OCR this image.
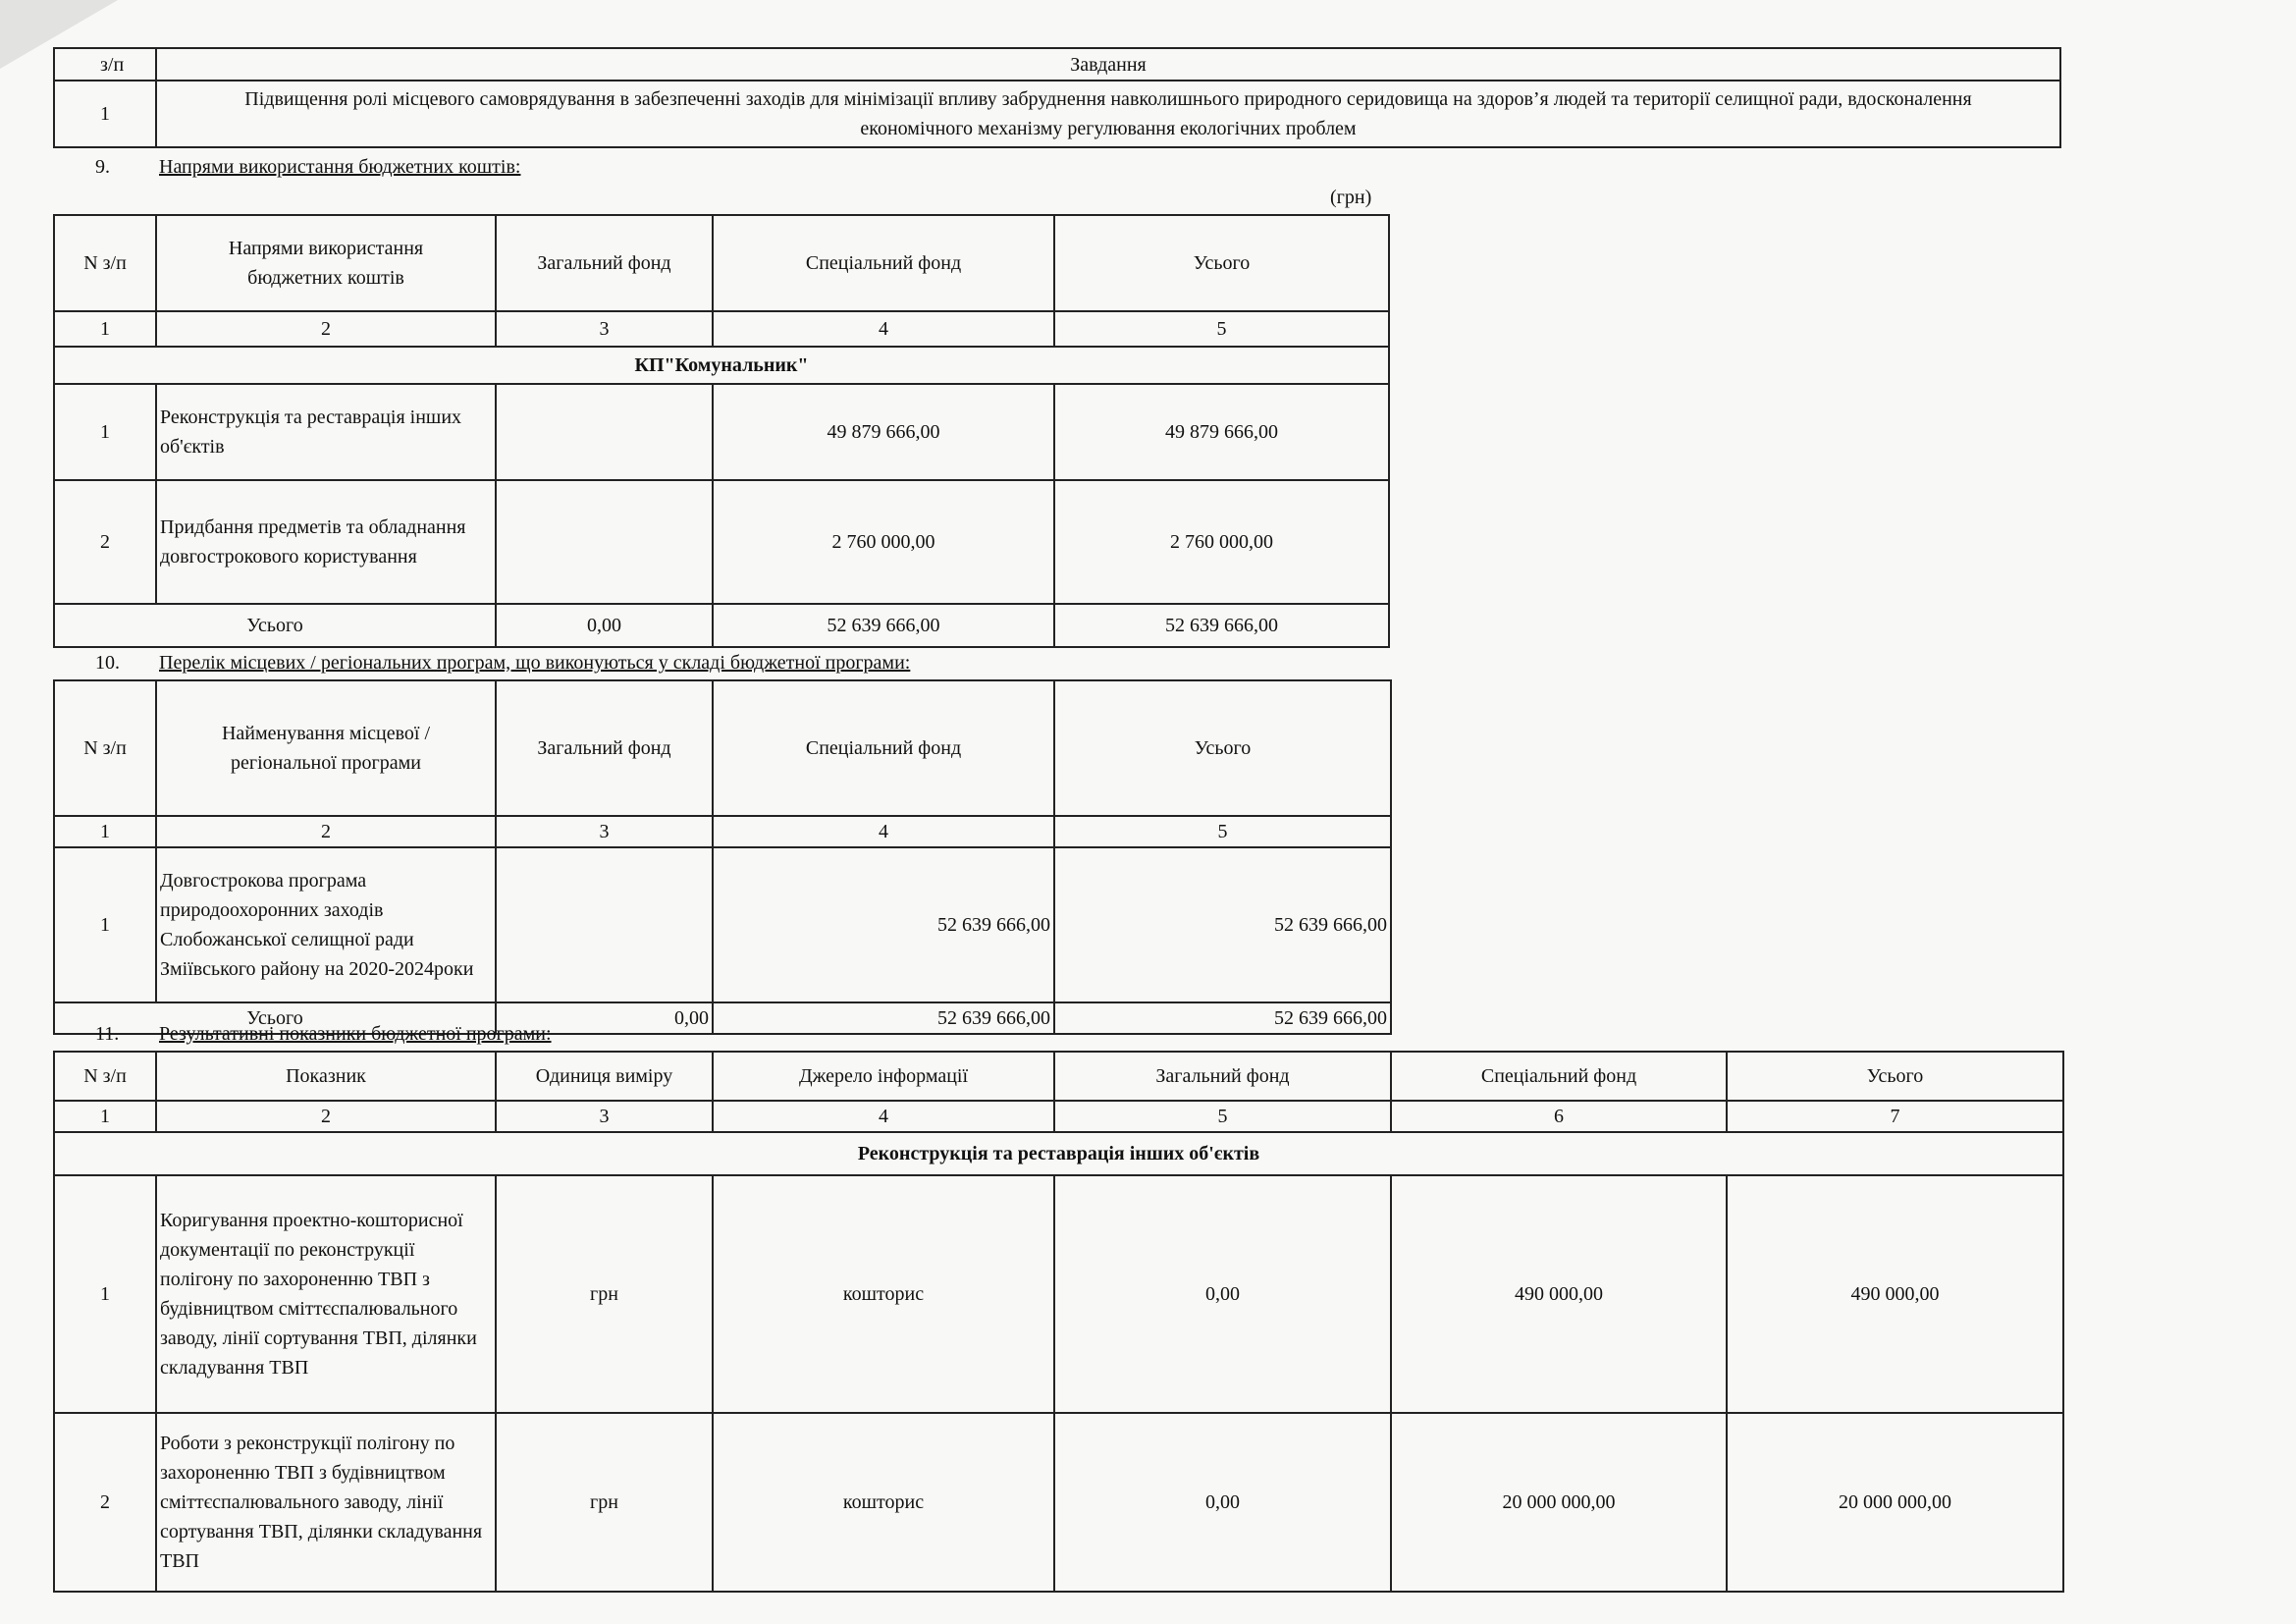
з/п	Завдання
1	Підвищення ролі місцевого самоврядування в забезпеченні заходів для мінімізації впливу забруднення навколишнього природного серидовища на здоров’я людей та території селищної ради, вдосконалення економічного механізму регулювання екологічних проблем
9.	Напрями використання бюджетних коштів:
(грн)
N з/п	Напрями використання бюджетних коштів	Загальний фонд	Спеціальний фонд	Усього
1	2	3	4	5
КП"Комунальник"				
1	Реконструкція та реставрація інших об'єктів		49 879 666,00	49 879 666,00
2	Придбання предметів та обладнання довгострокового користування		2 760 000,00	2 760 000,00
Усього		0,00	52 639 666,00	52 639 666,00
10. Перелік місцевих / регіональних програм, що виконуються у складі бюджетної програми:
N з/п	Найменування місцевої / регіональної програми	Загальний фонд	Спеціальний фонд	Усього
1	2	3	4	5
1	Довгострокова програма природоохоронних заходів Слобожанської селищної ради Зміївського району на 2020-2024роки		52 639 666,00	52 639 666,00
Усього		0,00	52 639 666,00	52 639 666,00
11. Результативні показники бюджетної програми:
N з/п	Показник	Одиниця виміру	Джерело інформації	Загальний фонд	Спеціальний фонд	Усього
1	2	3	4	5	6	7
Реконструкція та реставрація інших об'єктів						
1	Коригування проектно-кошторисної документації по реконструкції полігону по захороненню ТВП з будівництвом сміттєспалювального заводу, лінії сортування ТВП, ділянки складування ТВП	грн	кошторис	0,00	490 000,00	490 000,00
2	Роботи з реконструкції полігону по захороненню ТВП з будівництвом сміттєспалювального заводу, лінії сортування ТВП, ділянки складування ТВП	грн	кошторис	0,00	20 000 000,00	20 000 000,00
